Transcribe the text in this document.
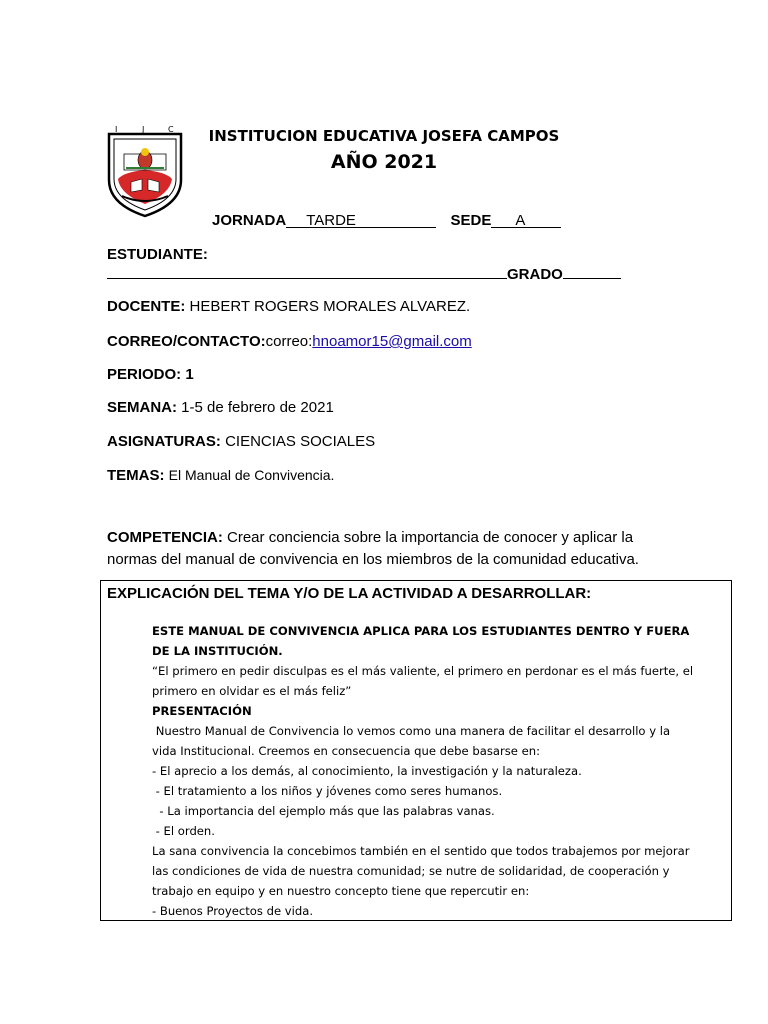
I	J	C	INSTITUCION EDUCATIVA JOSEFA CAMPOS
AÑO 2021
JORNADA TARDE	SEDE A
ESTUDIANTE:
GRADO
DOCENTE: HEBERT ROGERS MORALES ALVAREZ.
CORREO/CONTACTO:correo:hnoamor15@gmail.com
PERIODO: 1
SEMANA: 1-5 de febrero de 2021
ASIGNATURAS: CIENCIAS SOCIALES
TEMAS: El Manual de Convivencia.
COMPETENCIA: Crear conciencia sobre la importancia de conocer y aplicar la
normas del manual de convivencia en los miembros de la comunidad educativa.
EXPLICACIÓN DEL TEMA Y/O DE LA ACTIVIDAD A DESARROLLAR:

ESTE MANUAL DE CONVIVENCIA APLICA PARA LOS ESTUDIANTES DENTRO Y FUERA DE LA INSTITUCIÓN.

“El primero en pedir disculpas es el más valiente, el primero en perdonar es el más fuerte, el primero en olvidar es el más feliz”

PRESENTACIÓN

Nuestro Manual de Convivencia lo vemos como una manera de facilitar el desarrollo y la vida Institucional. Creemos en consecuencia que debe basarse en:

- El aprecio a los demás, al conocimiento, la investigación y la naturaleza.

- El tratamiento a los niños y jóvenes como seres humanos.

- La importancia del ejemplo más que las palabras vanas.

- El orden.

La sana convivencia la concebimos también en el sentido que todos trabajemos por mejorar las condiciones de vida de nuestra comunidad; se nutre de solidaridad, de cooperación y trabajo en equipo y en nuestro concepto tiene que repercutir en:

- Buenos Proyectos de vida.
